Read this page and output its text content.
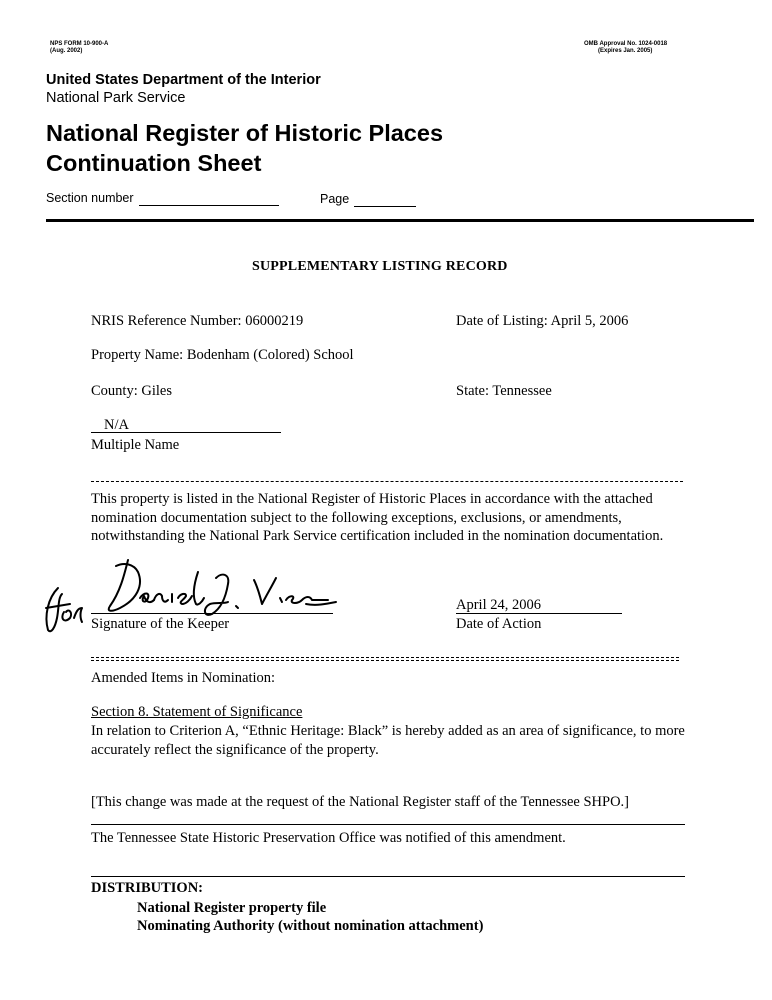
NPS FORM 10-900-A
(Aug. 2002)
OMB Approval No. 1024-0018
(Expires Jan. 2005)
United States Department of the Interior
National Park Service
National Register of Historic Places
Continuation Sheet
Section number	Page
SUPPLEMENTARY LISTING RECORD
NRIS Reference Number: 06000219	Date of Listing: April 5, 2006
Property Name: Bodenham (Colored) School
County: Giles	State: Tennessee
N/A
Multiple Name
This property is listed in the National Register of Historic Places in accordance with the attached nomination documentation subject to the following exceptions, exclusions, or amendments, notwithstanding the National Park Service certification included in the nomination documentation.
Signature of the Keeper
April 24, 2006
Date of Action
Amended Items in Nomination:
Section 8. Statement of Significance
In relation to Criterion A, “Ethnic Heritage: Black” is hereby added as an area of significance, to more accurately reflect the significance of the property.
[This change was made at the request of the National Register staff of the Tennessee SHPO.]
The Tennessee State Historic Preservation Office was notified of this amendment.
DISTRIBUTION:
National Register property file
Nominating Authority (without nomination attachment)
